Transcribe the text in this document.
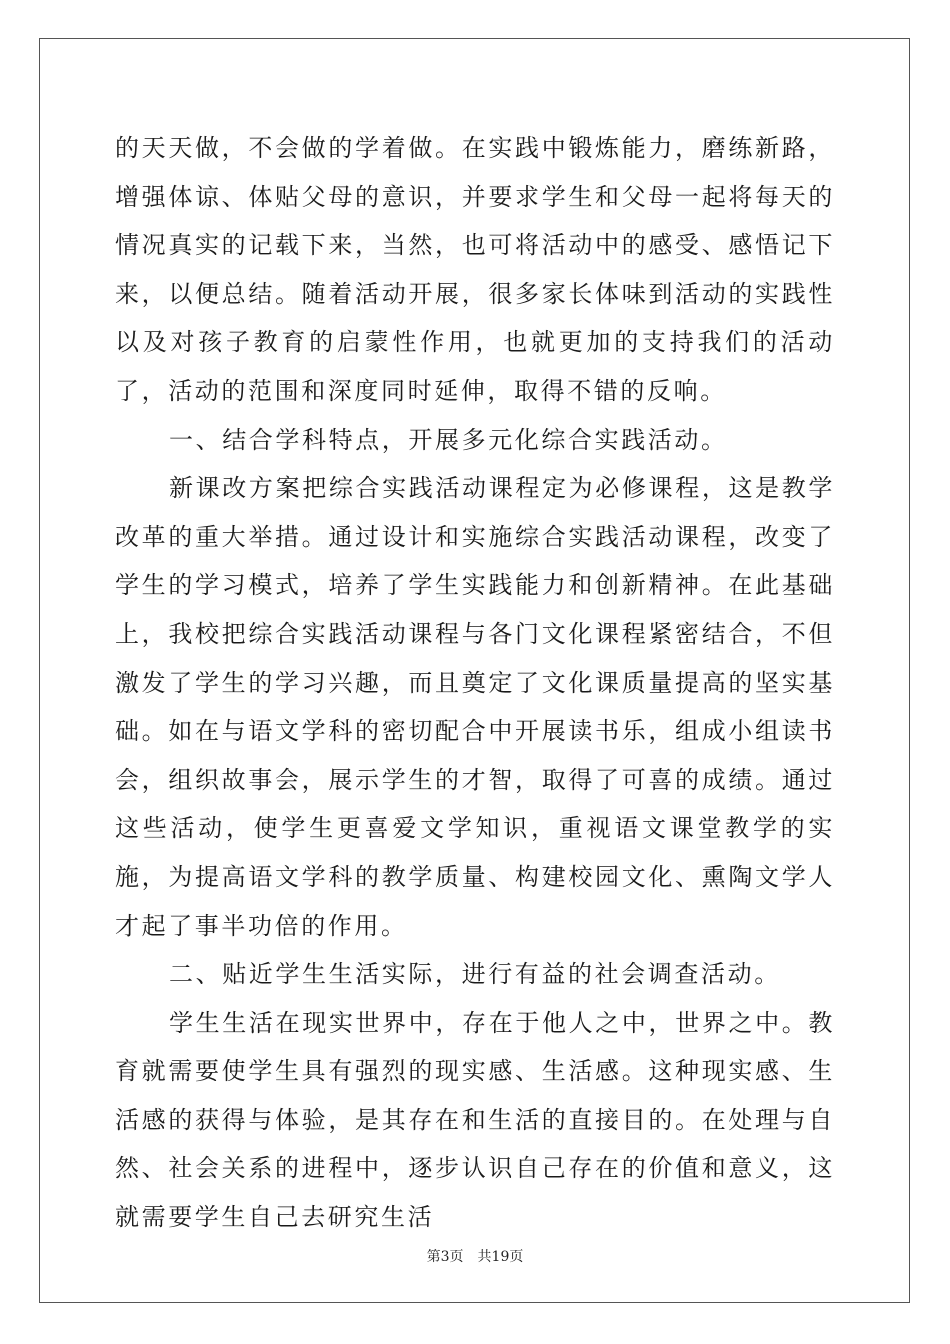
的天天做，不会做的学着做。在实践中锻炼能力，磨练新路，增强体谅、体贴父母的意识，并要求学生和父母一起将每天的情况真实的记载下来，当然，也可将活动中的感受、感悟记下来，以便总结。随着活动开展，很多家长体味到活动的实践性以及对孩子教育的启蒙性作用，也就更加的支持我们的活动了，活动的范围和深度同时延伸，取得不错的反响。

一、结合学科特点，开展多元化综合实践活动。

新课改方案把综合实践活动课程定为必修课程，这是教学改革的重大举措。通过设计和实施综合实践活动课程，改变了学生的学习模式，培养了学生实践能力和创新精神。在此基础上，我校把综合实践活动课程与各门文化课程紧密结合，不但激发了学生的学习兴趣，而且奠定了文化课质量提高的坚实基础。如在与语文学科的密切配合中开展读书乐，组成小组读书会，组织故事会，展示学生的才智，取得了可喜的成绩。通过这些活动，使学生更喜爱文学知识，重视语文课堂教学的实施，为提高语文学科的教学质量、构建校园文化、熏陶文学人才起了事半功倍的作用。

二、贴近学生生活实际，进行有益的社会调查活动。

学生生活在现实世界中，存在于他人之中，世界之中。教育就需要使学生具有强烈的现实感、生活感。这种现实感、生活感的获得与体验，是其存在和生活的直接目的。在处理与自然、社会关系的进程中，逐步认识自己存在的价值和意义，这就需要学生自己去研究生活

第3页 共19页
